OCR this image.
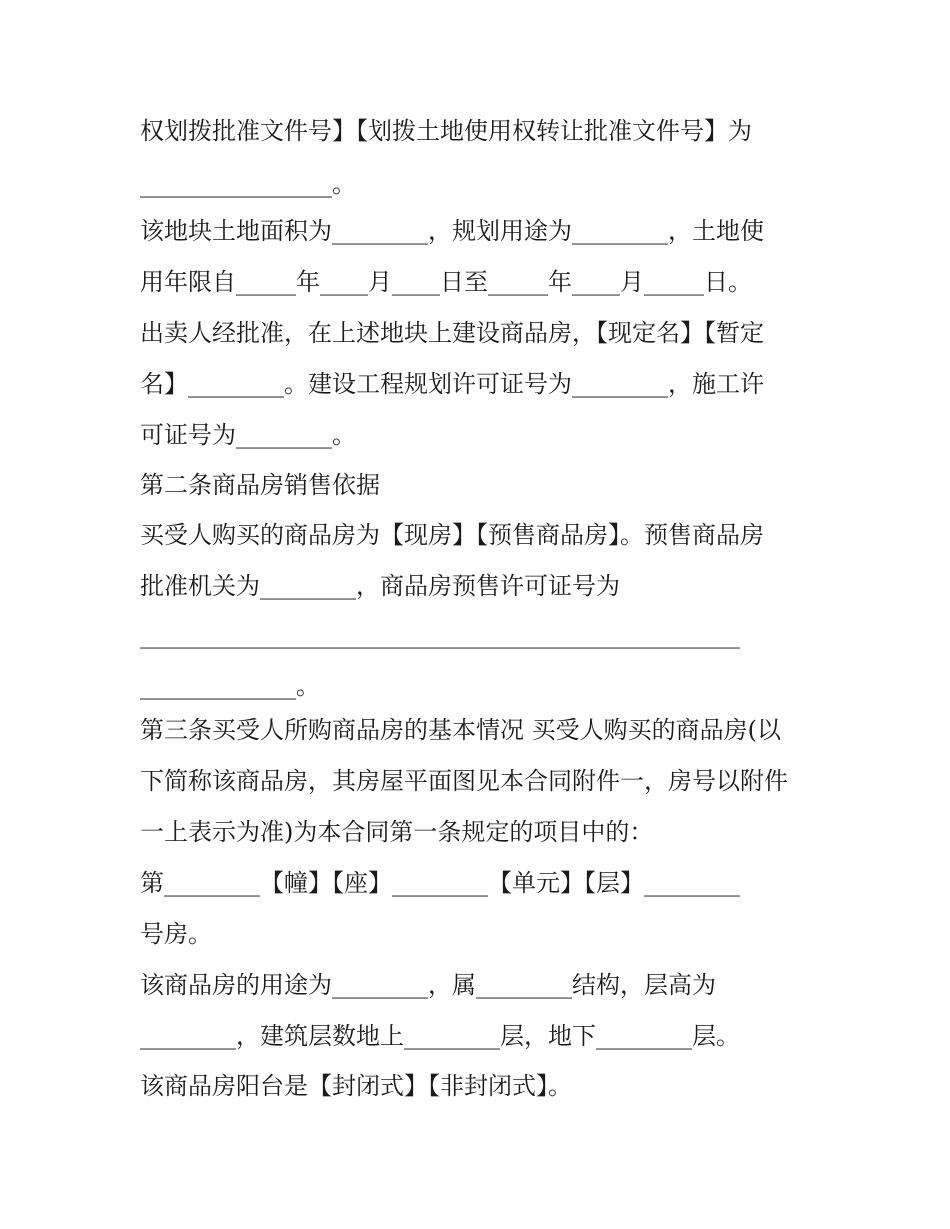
权划拨批准文件号】【划拨土地使用权转让批准文件号】为
________________。
该地块土地面积为________，规划用途为________，土地使
用年限自_____年____月____日至_____年____月_____日。
出卖人经批准，在上述地块上建设商品房，【现定名】【暂定
名】________。建设工程规划许可证号为________，施工许
可证号为________。
第二条商品房销售依据
买受人购买的商品房为【现房】【预售商品房】。预售商品房
批准机关为________，商品房预售许可证号为
__________________________________________________
_____________。
第三条买受人所购商品房的基本情况 买受人购买的商品房(以
下简称该商品房，其房屋平面图见本合同附件一，房号以附件
一上表示为准)为本合同第一条规定的项目中的：
第________【幢】【座】________【单元】【层】________
号房。
该商品房的用途为________，属________结构，层高为
________，建筑层数地上________层，地下________层。
该商品房阳台是【封闭式】【非封闭式】。
